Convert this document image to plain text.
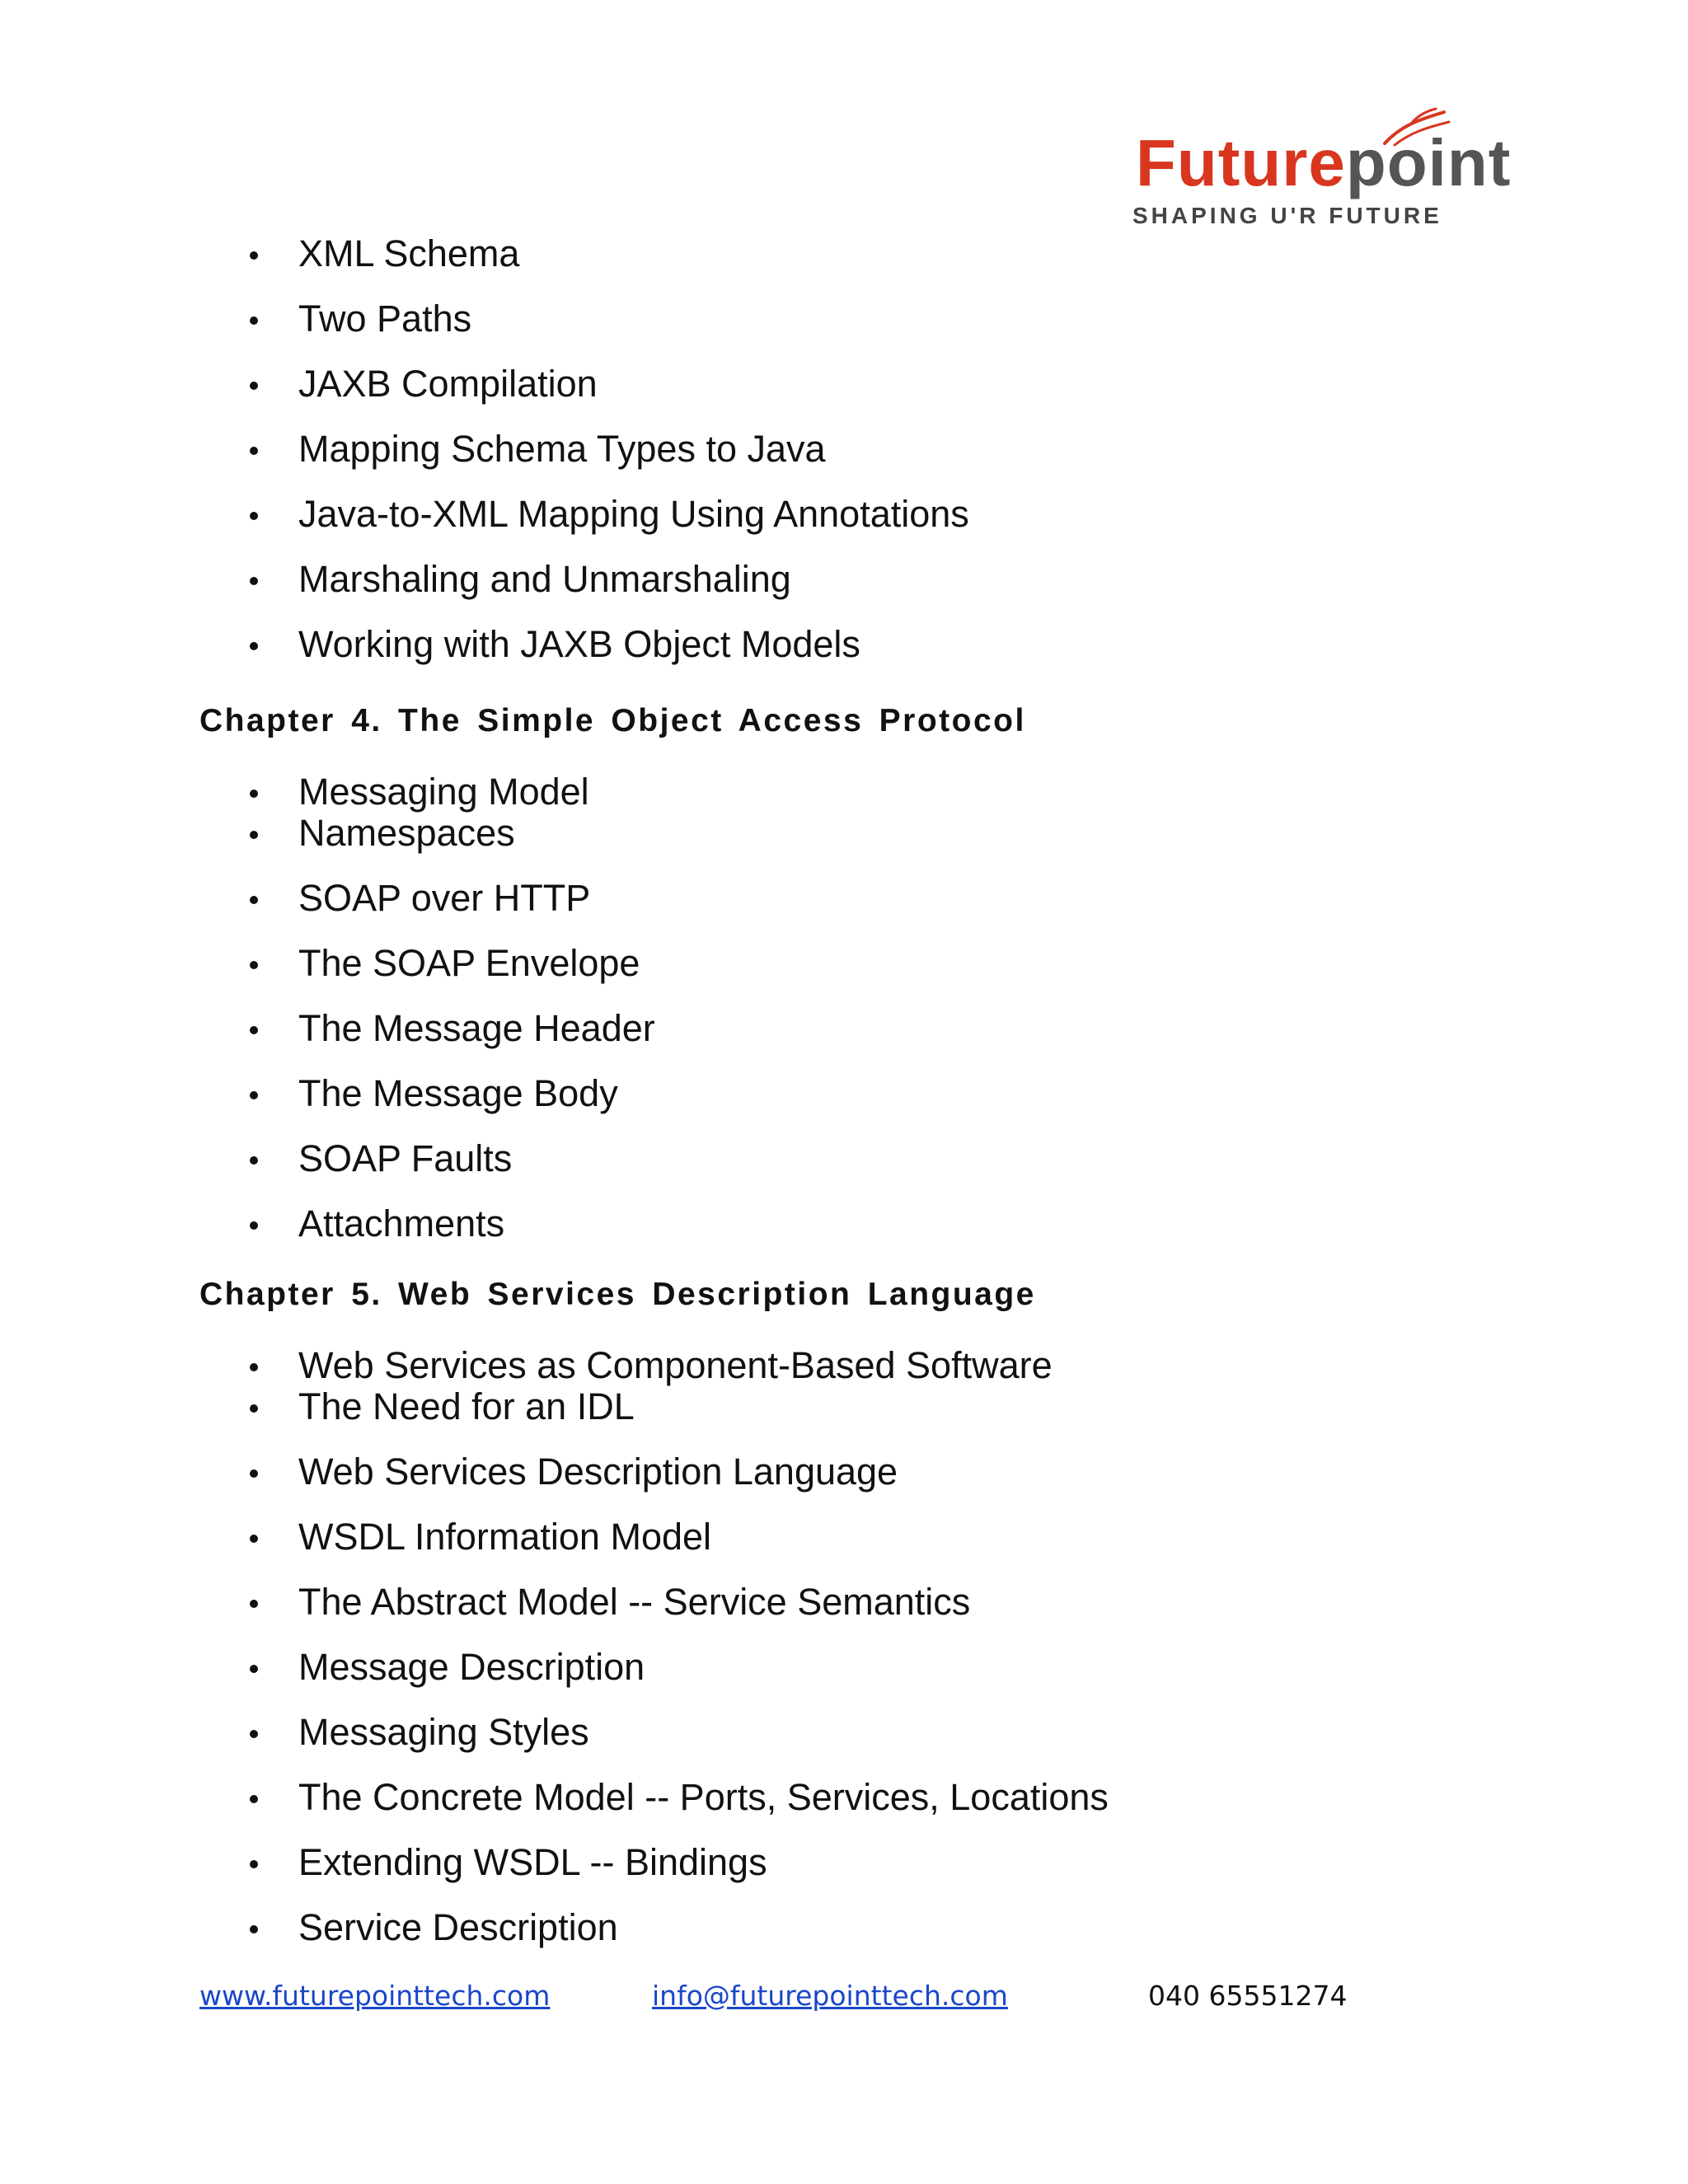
Futurepoint
SHAPING U'R FUTURE
XML Schema
Two Paths
JAXB Compilation
Mapping Schema Types to Java
Java-to-XML Mapping Using Annotations
Marshaling and Unmarshaling
Working with JAXB Object Models
Chapter 4. The Simple Object Access Protocol
Messaging Model
Namespaces
SOAP over HTTP
The SOAP Envelope
The Message Header
The Message Body
SOAP Faults
Attachments
Chapter 5. Web Services Description Language
Web Services as Component-Based Software
The Need for an IDL
Web Services Description Language
WSDL Information Model
The Abstract Model -- Service Semantics
Message Description
Messaging Styles
The Concrete Model -- Ports, Services, Locations
Extending WSDL -- Bindings
Service Description
www.futurepointtech.com	info@futurepointtech.com	040 65551274
